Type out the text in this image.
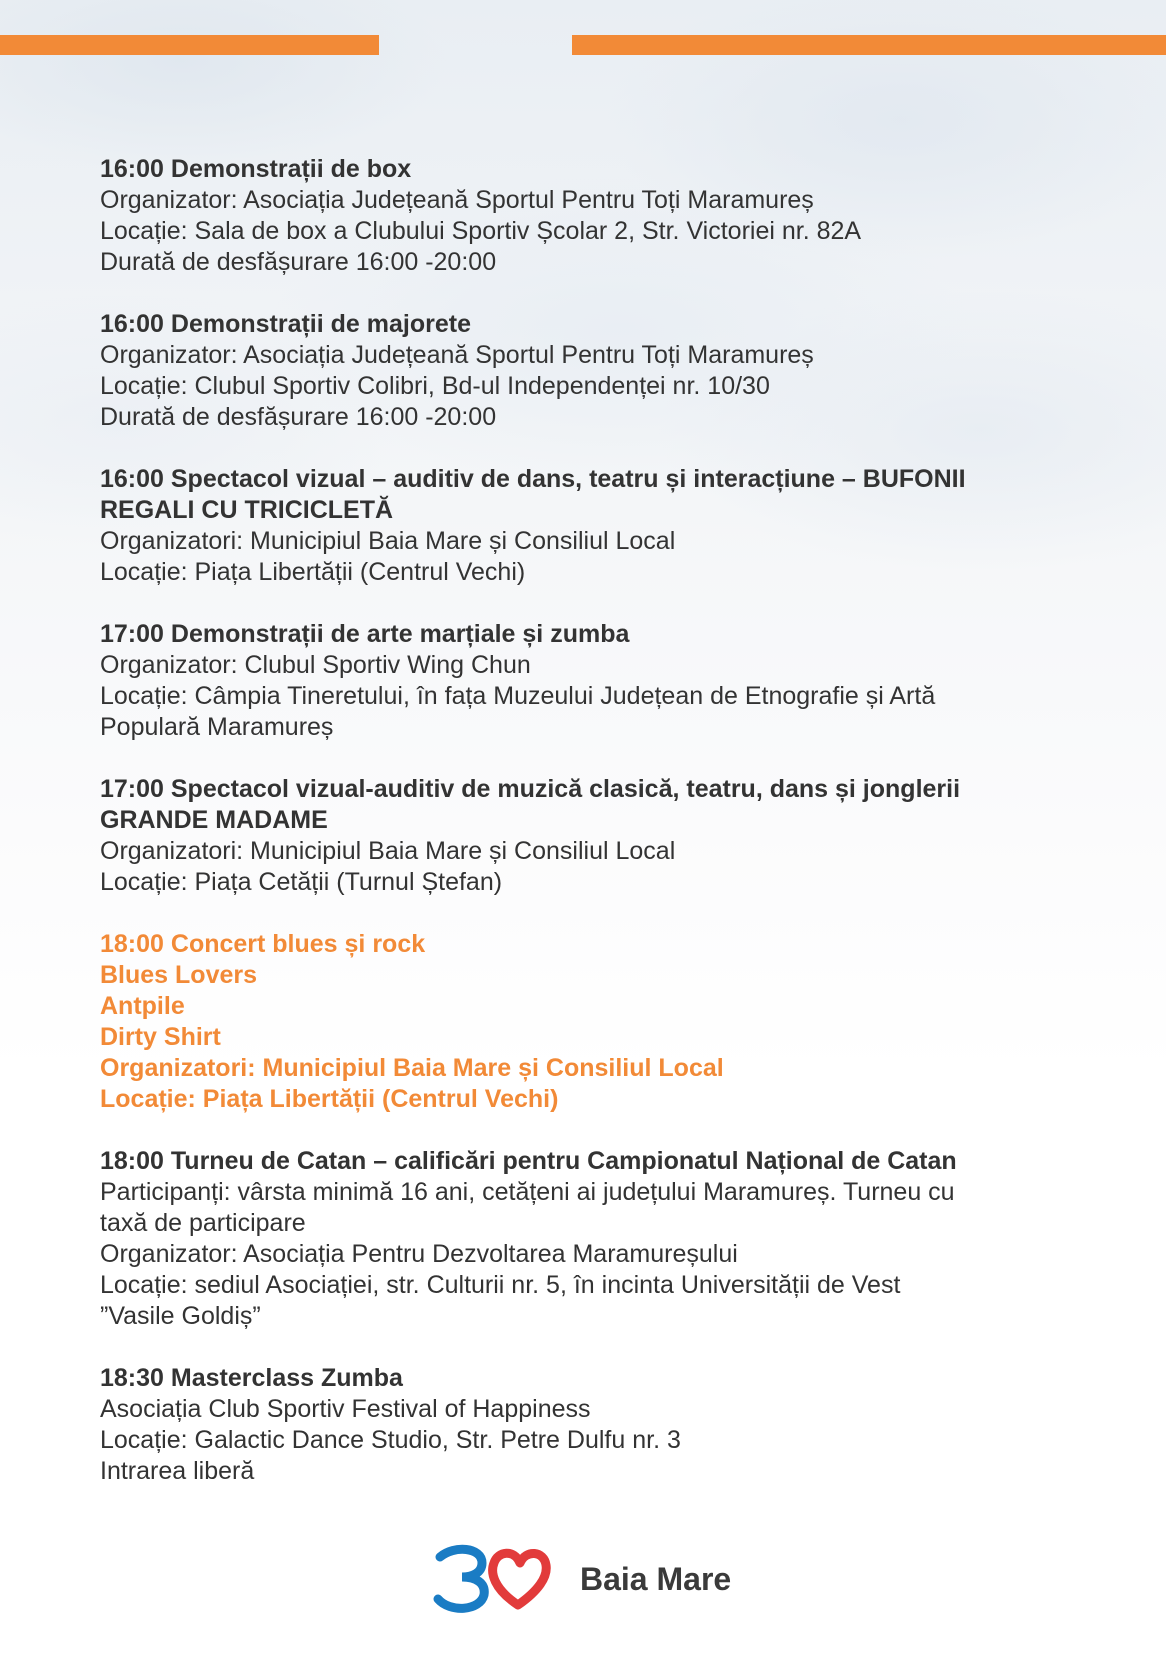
16:00 Demonstrații de box
Organizator: Asociația Județeană Sportul Pentru Toți Maramureș
Locație: Sala de box a Clubului Sportiv Școlar 2, Str. Victoriei nr. 82A
Durată de desfășurare 16:00 -20:00
16:00 Demonstrații de majorete
Organizator: Asociația Județeană Sportul Pentru Toți Maramureș
Locație: Clubul Sportiv Colibri, Bd-ul Independenței nr. 10/30
Durată de desfășurare 16:00 -20:00
16:00 Spectacol vizual – auditiv de dans, teatru și interacțiune – BUFONII
REGALI CU TRICICLETĂ
Organizatori: Municipiul Baia Mare și Consiliul Local
Locație: Piața Libertății (Centrul Vechi)
17:00 Demonstrații de arte marțiale și zumba
Organizator: Clubul Sportiv Wing Chun
Locație: Câmpia Tineretului, în fața Muzeului Județean de Etnografie și Artă
Populară Maramureș
17:00 Spectacol vizual-auditiv de muzică clasică, teatru, dans și jonglerii
GRANDE MADAME
Organizatori: Municipiul Baia Mare și Consiliul Local
Locație: Piața Cetății (Turnul Ștefan)
18:00 Concert blues și rock
Blues Lovers
Antpile
Dirty Shirt
Organizatori: Municipiul Baia Mare și Consiliul Local
Locație: Piața Libertății (Centrul Vechi)
18:00 Turneu de Catan – calificări pentru Campionatul Național de Catan
Participanți: vârsta minimă 16 ani, cetățeni ai județului Maramureș. Turneu cu
taxă de participare
Organizator: Asociația Pentru Dezvoltarea Maramureșului
Locație: sediul Asociației, str. Culturii nr. 5, în incinta Universității de Vest
”Vasile Goldiș”
18:30 Masterclass Zumba
Asociația Club Sportiv Festival of Happiness
Locație: Galactic Dance Studio, Str. Petre Dulfu nr. 3
Intrarea liberă
Baia Mare
